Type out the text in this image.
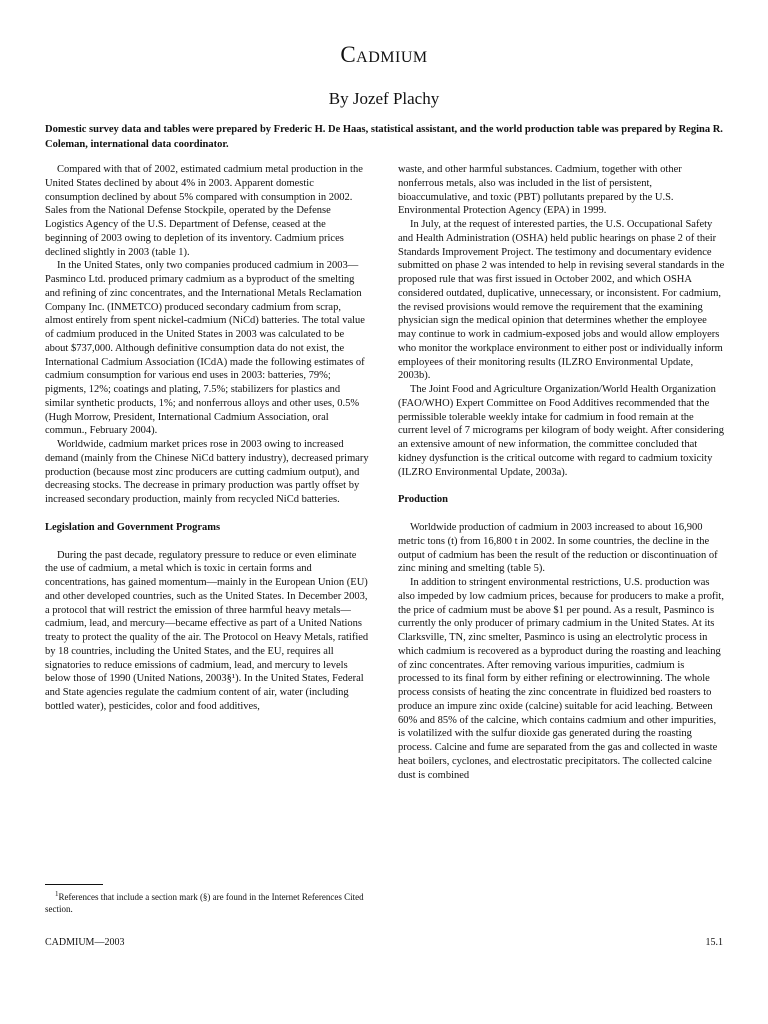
Cadmium
By Jozef Plachy
Domestic survey data and tables were prepared by Frederic H. De Haas, statistical assistant, and the world production table was prepared by Regina R. Coleman, international data coordinator.

Compared with that of 2002, estimated cadmium metal production in the United States declined by about 4% in 2003. Apparent domestic consumption declined by about 5% compared with consumption in 2002. Sales from the National Defense Stockpile, operated by the Defense Logistics Agency of the U.S. Department of Defense, ceased at the beginning of 2003 owing to depletion of its inventory. Cadmium prices declined slightly in 2003 (table 1).

In the United States, only two companies produced cadmium in 2003—Pasminco Ltd. produced primary cadmium as a byproduct of the smelting and refining of zinc concentrates, and the International Metals Reclamation Company Inc. (INMETCO) produced secondary cadmium from scrap, almost entirely from spent nickel-cadmium (NiCd) batteries. The total value of cadmium produced in the United States in 2003 was calculated to be about $737,000. Although definitive consumption data do not exist, the International Cadmium Association (ICdA) made the following estimates of cadmium consumption for various end uses in 2003: batteries, 79%; pigments, 12%; coatings and plating, 7.5%; stabilizers for plastics and similar synthetic products, 1%; and nonferrous alloys and other uses, 0.5% (Hugh Morrow, President, International Cadmium Association, oral commun., February 2004).

Worldwide, cadmium market prices rose in 2003 owing to increased demand (mainly from the Chinese NiCd battery industry), decreased primary production (because most zinc producers are cutting cadmium output), and decreasing stocks. The decrease in primary production was partly offset by increased secondary production, mainly from recycled NiCd batteries.

Legislation and Government Programs

During the past decade, regulatory pressure to reduce or even eliminate the use of cadmium, a metal which is toxic in certain forms and concentrations, has gained momentum—mainly in the European Union (EU) and other developed countries, such as the United States. In December 2003, a protocol that will restrict the emission of three harmful heavy metals—cadmium, lead, and mercury—became effective as part of a United Nations treaty to protect the quality of the air. The Protocol on Heavy Metals, ratified by 18 countries, including the United States, and the EU, requires all signatories to reduce emissions of cadmium, lead, and mercury to levels below those of 1990 (United Nations, 2003§¹). In the United States, Federal and State agencies regulate the cadmium content of air, water (including bottled water), pesticides, color and food additives,

waste, and other harmful substances. Cadmium, together with other nonferrous metals, also was included in the list of persistent, bioaccumulative, and toxic (PBT) pollutants prepared by the U.S. Environmental Protection Agency (EPA) in 1999.

In July, at the request of interested parties, the U.S. Occupational Safety and Health Administration (OSHA) held public hearings on phase 2 of their Standards Improvement Project. The testimony and documentary evidence submitted on phase 2 was intended to help in revising several standards in the proposed rule that was first issued in October 2002, and which OSHA considered outdated, duplicative, unnecessary, or inconsistent. For cadmium, the revised provisions would remove the requirement that the examining physician sign the medical opinion that determines whether the employee may continue to work in cadmium-exposed jobs and would allow employers who monitor the workplace environment to either post or individually inform employees of their monitoring results (ILZRO Environmental Update, 2003b).

The Joint Food and Agriculture Organization/World Health Organization (FAO/WHO) Expert Committee on Food Additives recommended that the permissible tolerable weekly intake for cadmium in food remain at the current level of 7 micrograms per kilogram of body weight. After considering an extensive amount of new information, the committee concluded that kidney dysfunction is the critical outcome with regard to cadmium toxicity (ILZRO Environmental Update, 2003a).

Production

Worldwide production of cadmium in 2003 increased to about 16,900 metric tons (t) from 16,800 t in 2002. In some countries, the decline in the output of cadmium has been the result of the reduction or discontinuation of zinc mining and smelting (table 5).

In addition to stringent environmental restrictions, U.S. production was also impeded by low cadmium prices, because for producers to make a profit, the price of cadmium must be above $1 per pound. As a result, Pasminco is currently the only producer of primary cadmium in the United States. At its Clarksville, TN, zinc smelter, Pasminco is using an electrolytic process in which cadmium is recovered as a byproduct during the roasting and leaching of zinc concentrates. After removing various impurities, cadmium is processed to its final form by either refining or electrowinning. The whole process consists of heating the zinc concentrate in fluidized bed roasters to produce an impure zinc oxide (calcine) suitable for acid leaching. Between 60% and 85% of the calcine, which contains cadmium and other impurities, is volatilized with the sulfur dioxide gas generated during the roasting process. Calcine and fume are separated from the gas and collected in waste heat boilers, cyclones, and electrostatic precipitators. The collected calcine dust is combined

$^1$References that include a section mark (§) are found in the Internet References Cited section.
CADMIUM—2003	15.1
